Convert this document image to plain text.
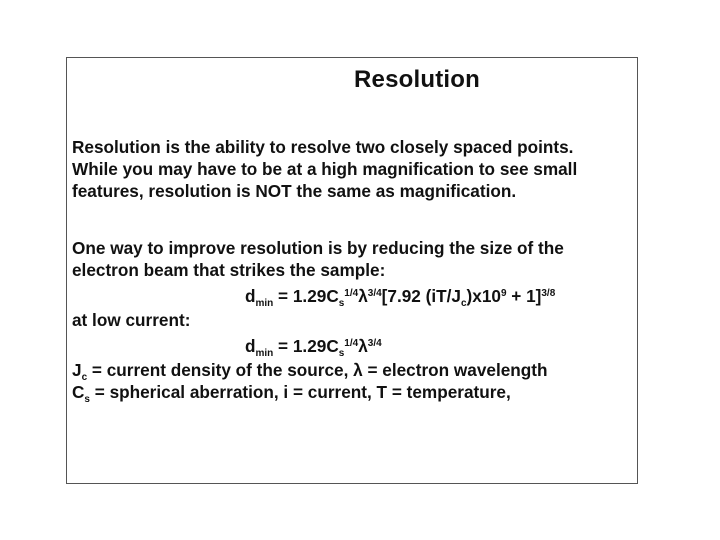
Resolution
Resolution is the ability to resolve two closely spaced points.
While you may have to be at a high magnification to see small
features, resolution is NOT the same as magnification.
One way to improve resolution is by reducing the size of the
electron beam that strikes the sample:
$d_{min} = 1.29C_s^{1/4}\lambda^{3/4}[7.92$ $(iT/J_c)x10^9 + 1]^{3/8}$
at low current:
$d_{min} = 1.29C_s^{1/4}\lambda^{3/4}$
$J_c$ = current density of the source, λ = electron wavelength
$C_s$ = spherical aberration, i = current, T = temperature,
